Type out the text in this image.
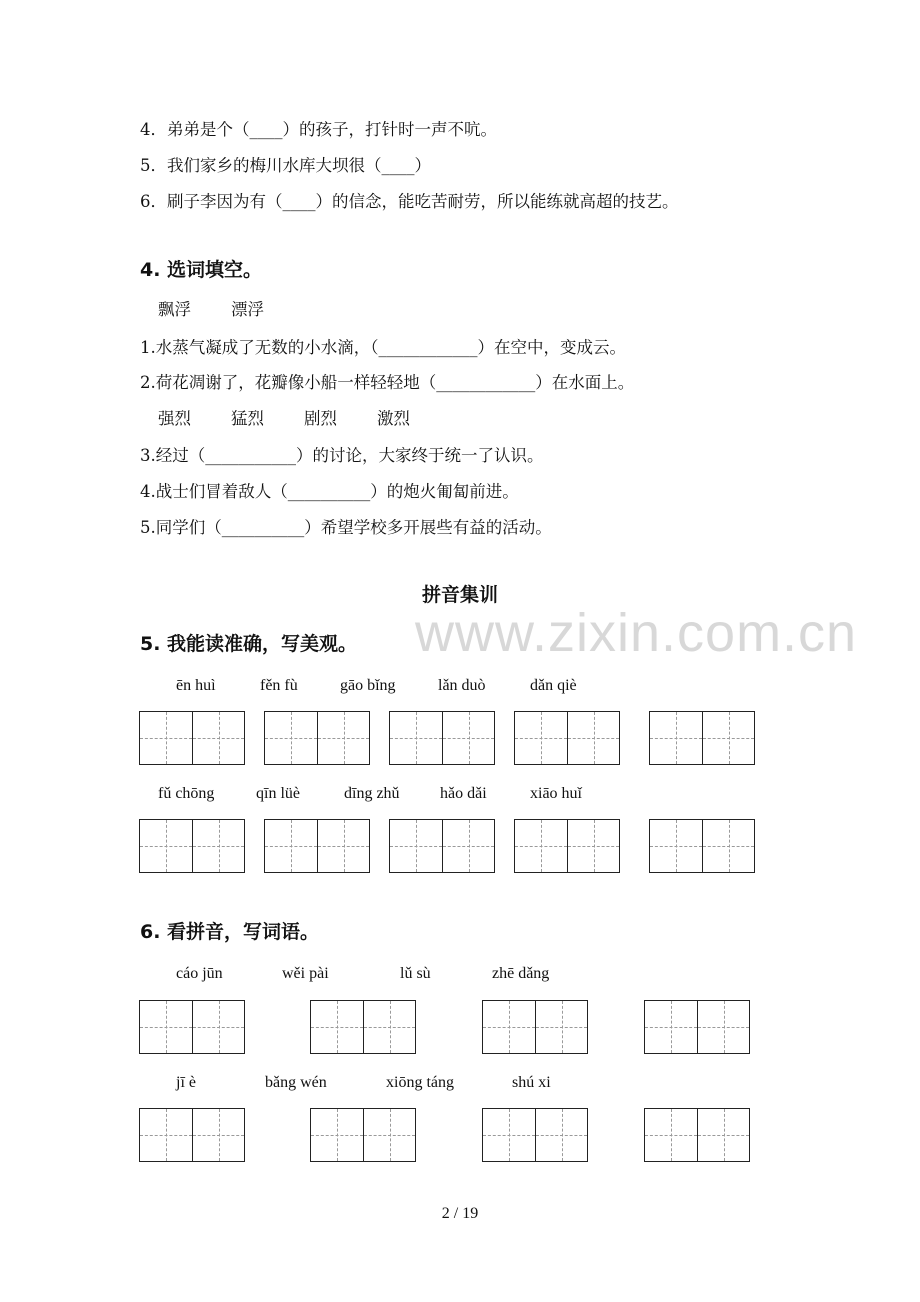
www.zixin.com.cn
4．弟弟是个（____）的孩子，打针时一声不吭。
5．我们家乡的梅川水库大坝很（____）
6．刷子李因为有（____）的信念，能吃苦耐劳，所以能练就高超的技艺。
4. 选词填空。
飘浮 漂浮
1.水蒸气凝成了无数的小水滴，（____________）在空中，变成云。
2.荷花凋谢了，花瓣像小船一样轻轻地（____________）在水面上。
强烈 猛烈 剧烈 激烈
3.经过（___________）的讨论，大家终于统一了认识。
4.战士们冒着敌人（__________）的炮火匍匐前进。
5.同学们（__________）希望学校多开展些有益的活动。
拼音集训
5. 我能读准确，写美观。
ēn huì	fěn fù	gāo bǐng	lǎn duò	dǎn qiè
fǔ chōng	qīn lüè	dīng zhǔ	hǎo dǎi	xiāo huǐ
6. 看拼音，写词语。
cáo jūn	wěi pài	lǔ sù	zhē dǎng
jī è	bǎng wén	xiōng táng	shú xi
2 / 19
